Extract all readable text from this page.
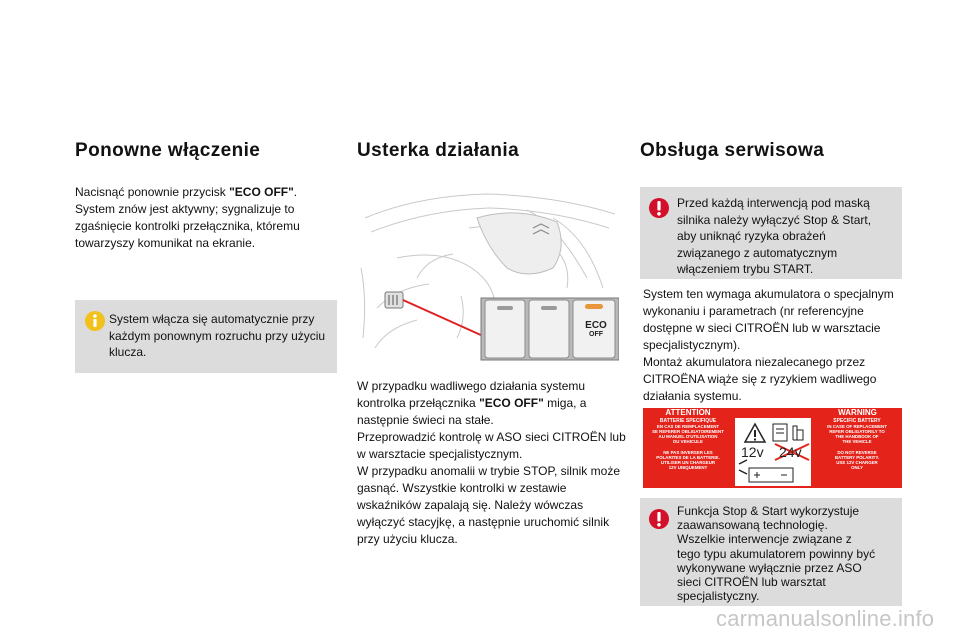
Ponowne włączenie

Nacisnąć ponownie przycisk "ECO OFF". System znów jest aktywny; sygnalizuje to zgaśnięcie kontrolki przełącznika, któremu towarzyszy komunikat na ekranie.

System włącza się automatycznie przy każdym ponownym rozruchu przy użyciu klucza.
Usterka działania
ECO
OFF

W przypadku wadliwego działania systemu kontrolka przełącznika "ECO OFF" miga, a następnie świeci na stałe.

Przeprowadzić kontrolę w ASO sieci CITROËN lub w warsztacie specjalistycznym.

W przypadku anomalii w trybie STOP, silnik może gasnąć. Wszystkie kontrolki w zestawie wskaźników zapalają się. Należy wówczas wyłączyć stacyjkę, a następnie uruchomić silnik przy użyciu klucza.

Obsługa serwisowa
Przed każdą interwencją pod maską silnika należy wyłączyć Stop & Start, aby uniknąć ryzyka obrażeń związanego z automatycznym włączeniem trybu START.

System ten wymaga akumulatora o specjalnym wykonaniu i parametrach (nr referencyjne dostępne w sieci CITROËN lub w warsztacie specjalistycznym).

Montaż akumulatora niezalecanego przez CITROËNA wiąże się z ryzykiem wadliwego działania systemu.

ATTENTION	WARNING
BATTERIE SPECIFIQUE
EN CAS DE REMPLACEMENT
SE REFERER OBLIGATOIREMENT
AU MANUEL D'UTILISATION
DU VEHICULE
NE PAS INVERSER LES
POLARITES DE LA BATTERIE.
UTILISER UN CHARGEUR
12V UNIQUEMENT
SPECIFIC BATTERY
IN CASE OF REPLACEMENT
REFER OBLIGATORILY TO
THE HANDBOOK OF
THE VEHICLE
DO NOT REVERSE
BATTERY POLARITY.
USE 12V CHARGER
ONLY
12v 24v
Funkcja Stop & Start wykorzystuje zaawansowaną technologię. Wszelkie interwencje związane z tego typu akumulatorem powinny być wykonywane wyłącznie przez ASO sieci CITROËN lub warsztat specjalistyczny.
carmanualsonline.info
